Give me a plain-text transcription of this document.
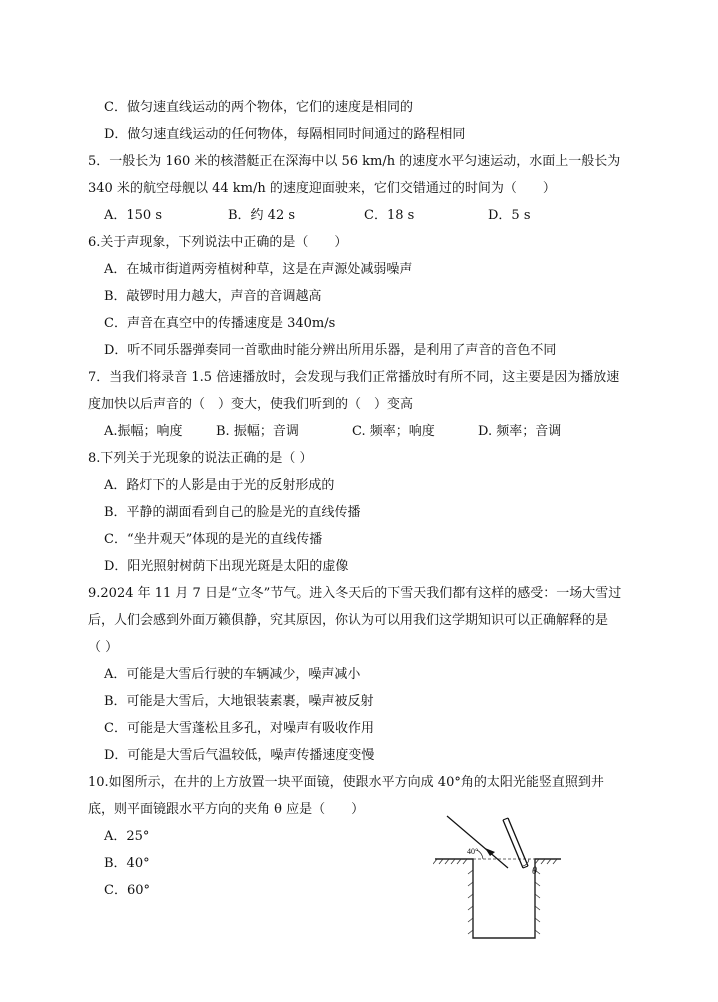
C．做匀速直线运动的两个物体，它们的速度是相同的
D．做匀速直线运动的任何物体，每隔相同时间通过的路程相同
5．一般长为 160 米的核潜艇正在深海中以 56 km/h 的速度水平匀速运动，水面上一般长为
340 米的航空母舰以 44 km/h 的速度迎面驶来，它们交错通过的时间为（　　）
A．150 s	B．约 42 s	C．18 s	D．5 s
6.关于声现象，下列说法中正确的是（　　）
A．在城市街道两旁植树种草，这是在声源处减弱噪声
B．敲锣时用力越大，声音的音调越高
C．声音在真空中的传播速度是 340m/s
D．听不同乐器弹奏同一首歌曲时能分辨出所用乐器，是利用了声音的音色不同
7．当我们将录音 1.5 倍速播放时，会发现与我们正常播放时有所不同，这主要是因为播放速
度加快以后声音的（　）变大，使我们听到的（　）变高
A.振幅；响度	B. 振幅；音调	C. 频率；响度	D. 频率；音调
8.下列关于光现象的说法正确的是（ ）
A．路灯下的人影是由于光的反射形成的
B．平静的湖面看到自己的脸是光的直线传播
C．“坐井观天”体现的是光的直线传播
D．阳光照射树荫下出现光斑是太阳的虚像
9.2024 年 11 月 7 日是“立冬”节气。进入冬天后的下雪天我们都有这样的感受：一场大雪过
后，人们会感到外面万籁俱静，究其原因，你认为可以用我们这学期知识可以正确解释的是
（ ）
A．可能是大雪后行驶的车辆减少，噪声减小
B．可能是大雪后，大地银装素裹，噪声被反射
C．可能是大雪蓬松且多孔，对噪声有吸收作用
D．可能是大雪后气温较低，噪声传播速度变慢
10.如图所示，在井的上方放置一块平面镜，使跟水平方向成 40°角的太阳光能竖直照到井
底，则平面镜跟水平方向的夹角 θ 应是（　　）
A．25°
B．40°
C．60°
40°
θ
